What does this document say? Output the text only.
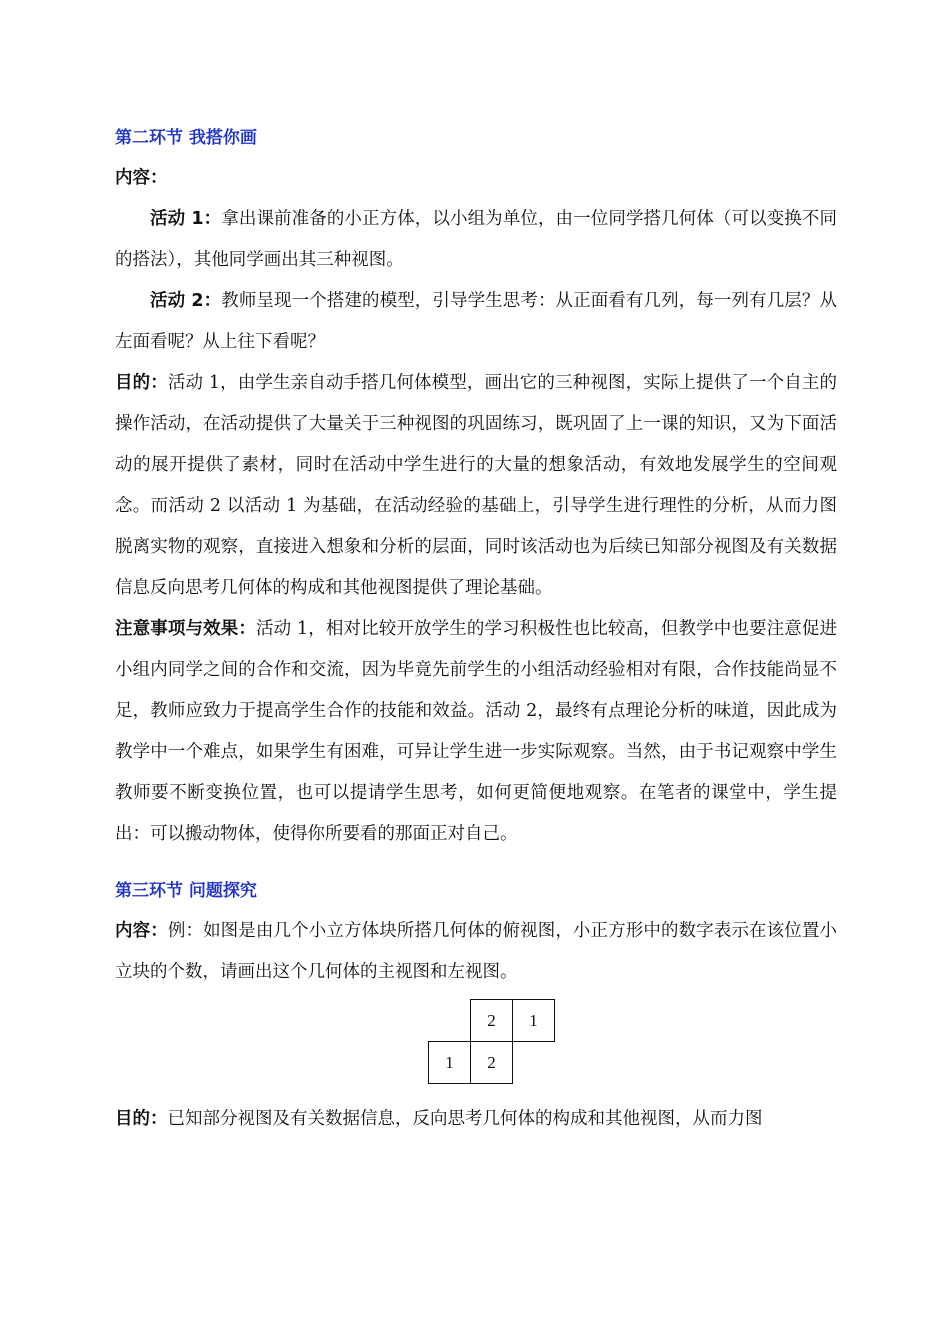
第二环节 我搭你画

内容：

活动 1：拿出课前准备的小正方体，以小组为单位，由一位同学搭几何体（可以变换不同的搭法），其他同学画出其三种视图。

活动 2：教师呈现一个搭建的模型，引导学生思考：从正面看有几列，每一列有几层？从左面看呢？从上往下看呢？

目的：活动 1，由学生亲自动手搭几何体模型，画出它的三种视图，实际上提供了一个自主的操作活动，在活动提供了大量关于三种视图的巩固练习，既巩固了上一课的知识，又为下面活动的展开提供了素材，同时在活动中学生进行的大量的想象活动，有效地发展学生的空间观念。而活动 2 以活动 1 为基础，在活动经验的基础上，引导学生进行理性的分析，从而力图脱离实物的观察，直接进入想象和分析的层面，同时该活动也为后续已知部分视图及有关数据信息反向思考几何体的构成和其他视图提供了理论基础。

注意事项与效果：活动 1，相对比较开放学生的学习积极性也比较高，但教学中也要注意促进小组内同学之间的合作和交流，因为毕竟先前学生的小组活动经验相对有限，合作技能尚显不足，教师应致力于提高学生合作的技能和效益。活动 2，最终有点理论分析的味道，因此成为教学中一个难点，如果学生有困难，可异让学生进一步实际观察。当然，由于书记观察中学生教师要不断变换位置，也可以提请学生思考，如何更简便地观察。在笔者的课堂中，学生提出：可以搬动物体，使得你所要看的那面正对自己。

第三环节 问题探究

内容：例：如图是由几个小立方体块所搭几何体的俯视图，小正方形中的数字表示在该位置小立块的个数，请画出这个几何体的主视图和左视图。

2	1
1	2

目的：已知部分视图及有关数据信息，反向思考几何体的构成和其他视图，从而力图
